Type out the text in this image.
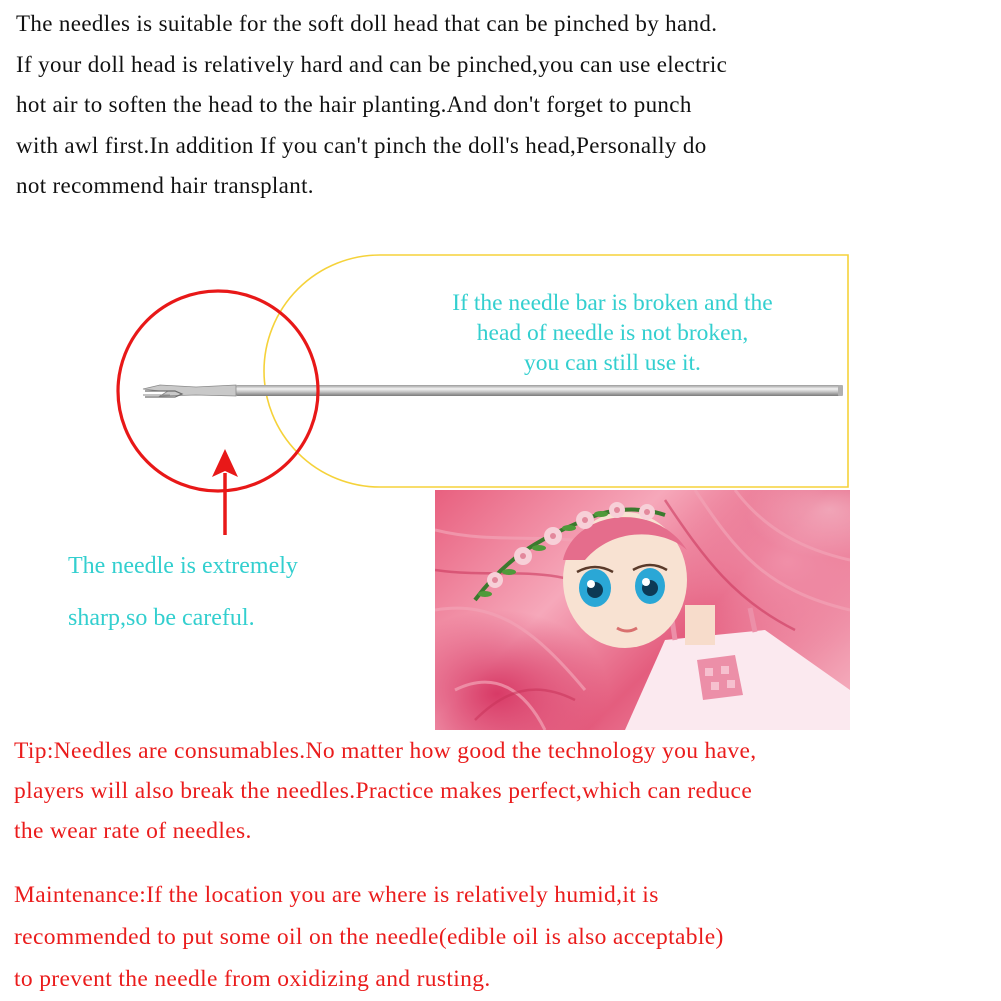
The needles is suitable for the soft doll head that can be pinched by hand.
If your doll head is relatively hard and can be pinched,you can use electric
hot air to soften the head to the hair planting.And don't forget to punch
with awl first.In addition If you can't pinch the doll's head,Personally do
not recommend hair transplant.
If the needle bar is broken and the
head of needle is not broken,
you can still use it.
The needle is extremely
sharp,so be careful.
Tip:Needles are consumables.No matter how good the technology you have,
players will also break the needles.Practice makes perfect,which can reduce
the wear rate of needles.
Maintenance:If the location you are where is relatively humid,it is
recommended to put some oil on the needle(edible oil is also acceptable)
to prevent the needle from oxidizing and rusting.
